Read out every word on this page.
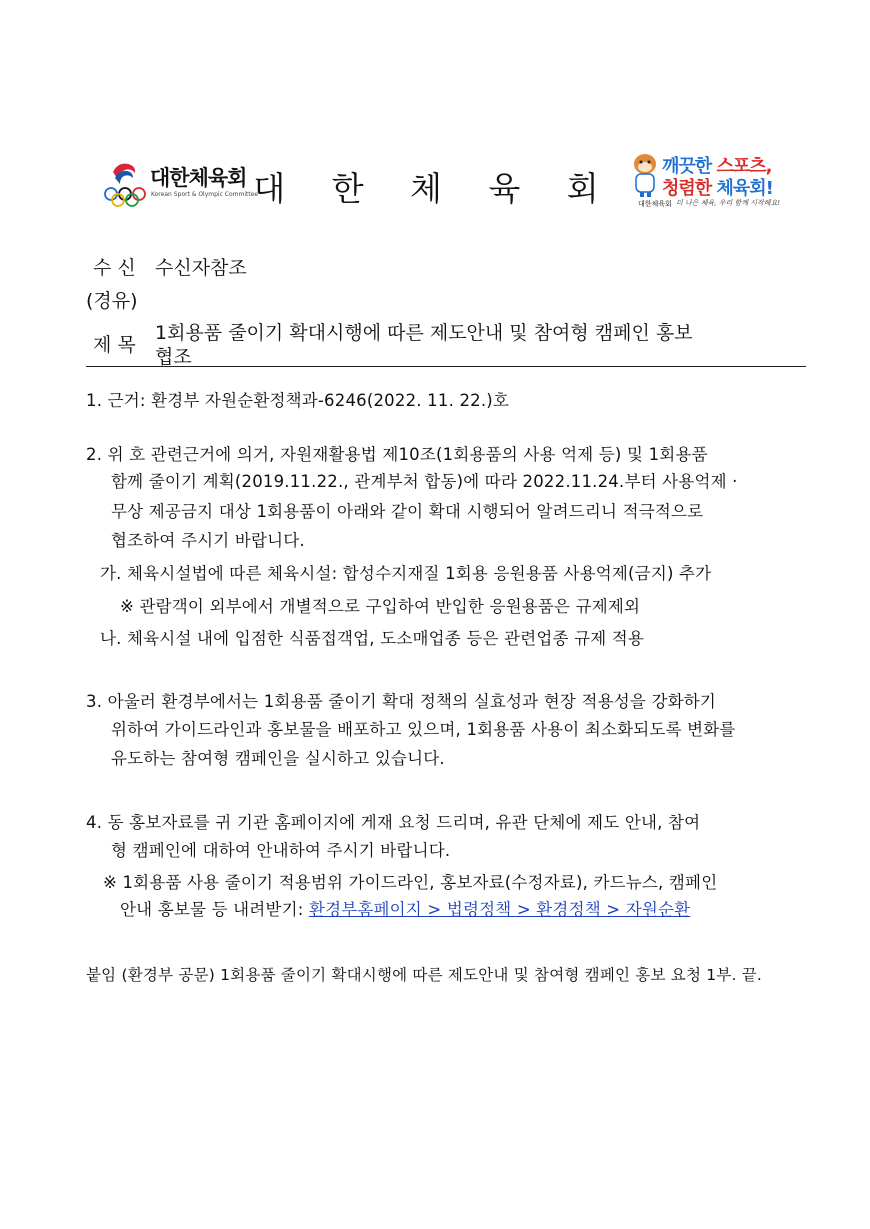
대한체육회
Korean Sport & Olympic Committee
대 한 체 육 회
깨끗한 스포츠,
청렴한 체육회!
대한체육회 더 나은 체육, 우리 함께 시작해요!
수 신 수신자참조
(경유)
제 목
1회용품 줄이기 확대시행에 따른 제도안내 및 참여형 캠페인 홍보
협조
1. 근거: 환경부 자원순환정책과-6246(2022. 11. 22.)호
2. 위 호 관련근거에 의거, 자원재활용법 제10조(1회용품의 사용 억제 등) 및 1회용품
함께 줄이기 계획(2019.11.22., 관계부처 합동)에 따라 2022.11.24.부터 사용억제 ·
무상 제공금지 대상 1회용품이 아래와 같이 확대 시행되어 알려드리니 적극적으로
협조하여 주시기 바랍니다.
가. 체육시설법에 따른 체육시설: 합성수지재질 1회용 응원용품 사용억제(금지) 추가
※ 관람객이 외부에서 개별적으로 구입하여 반입한 응원용품은 규제제외
나. 체육시설 내에 입점한 식품접객업, 도소매업종 등은 관련업종 규제 적용
3. 아울러 환경부에서는 1회용품 줄이기 확대 정책의 실효성과 현장 적용성을 강화하기
위하여 가이드라인과 홍보물을 배포하고 있으며, 1회용품 사용이 최소화되도록 변화를
유도하는 참여형 캠페인을 실시하고 있습니다.
4. 동 홍보자료를 귀 기관 홈페이지에 게재 요청 드리며, 유관 단체에 제도 안내, 참여
형 캠페인에 대하여 안내하여 주시기 바랍니다.
※ 1회용품 사용 줄이기 적용범위 가이드라인, 홍보자료(수정자료), 카드뉴스, 캠페인
안내 홍보물 등 내려받기: 환경부홈페이지 > 법령정책 > 환경정책 > 자원순환
붙임 (환경부 공문) 1회용품 줄이기 확대시행에 따른 제도안내 및 참여형 캠페인 홍보 요청 1부. 끝.
